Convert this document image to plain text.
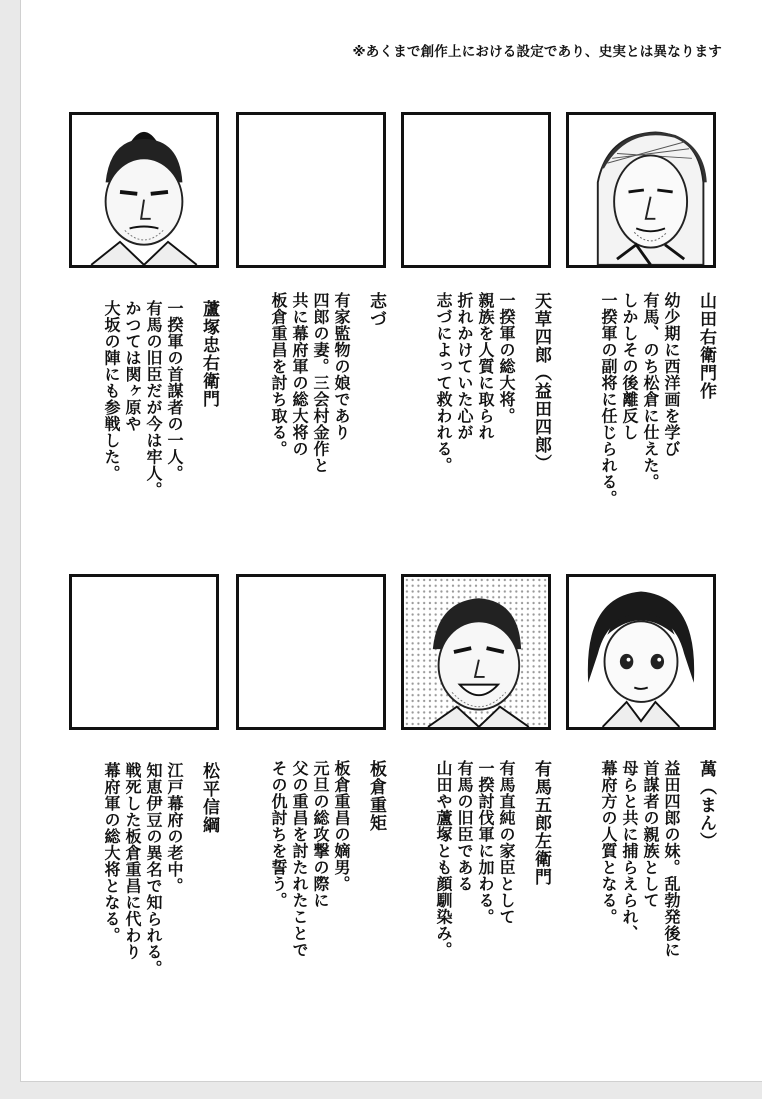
※あくまで創作上における設定であり、史実とは異なります
山田右衛門作
幼少期に西洋画を学び
有馬、のち松倉に仕えた。
しかしその後離反し
一揆軍の副将に任じられる。
天草四郎（益田四郎）
一揆軍の総大将。
親族を人質に取られ
折れかけていた心が
志づによって救われる。
志づ
有家監物の娘であり
四郎の妻。三会村金作と
共に幕府軍の総大将の
板倉重昌を討ち取る。
蘆塚忠右衛門
一揆軍の首謀者の一人。
有馬の旧臣だが今は牢人。
かつては関ヶ原や
大坂の陣にも参戦した。
萬（まん）
益田四郎の妹。乱勃発後に
首謀者の親族として
母らと共に捕らえられ、
幕府方の人質となる。
有馬五郎左衛門
有馬直純の家臣として
一揆討伐軍に加わる。
有馬の旧臣である
山田や蘆塚とも顔馴染み。
板倉重矩
板倉重昌の嫡男。
元旦の総攻撃の際に
父の重昌を討たれたことで
その仇討ちを誓う。
松平信綱
江戸幕府の老中。
知恵伊豆の異名で知られる。
戦死した板倉重昌に代わり
幕府軍の総大将となる。
